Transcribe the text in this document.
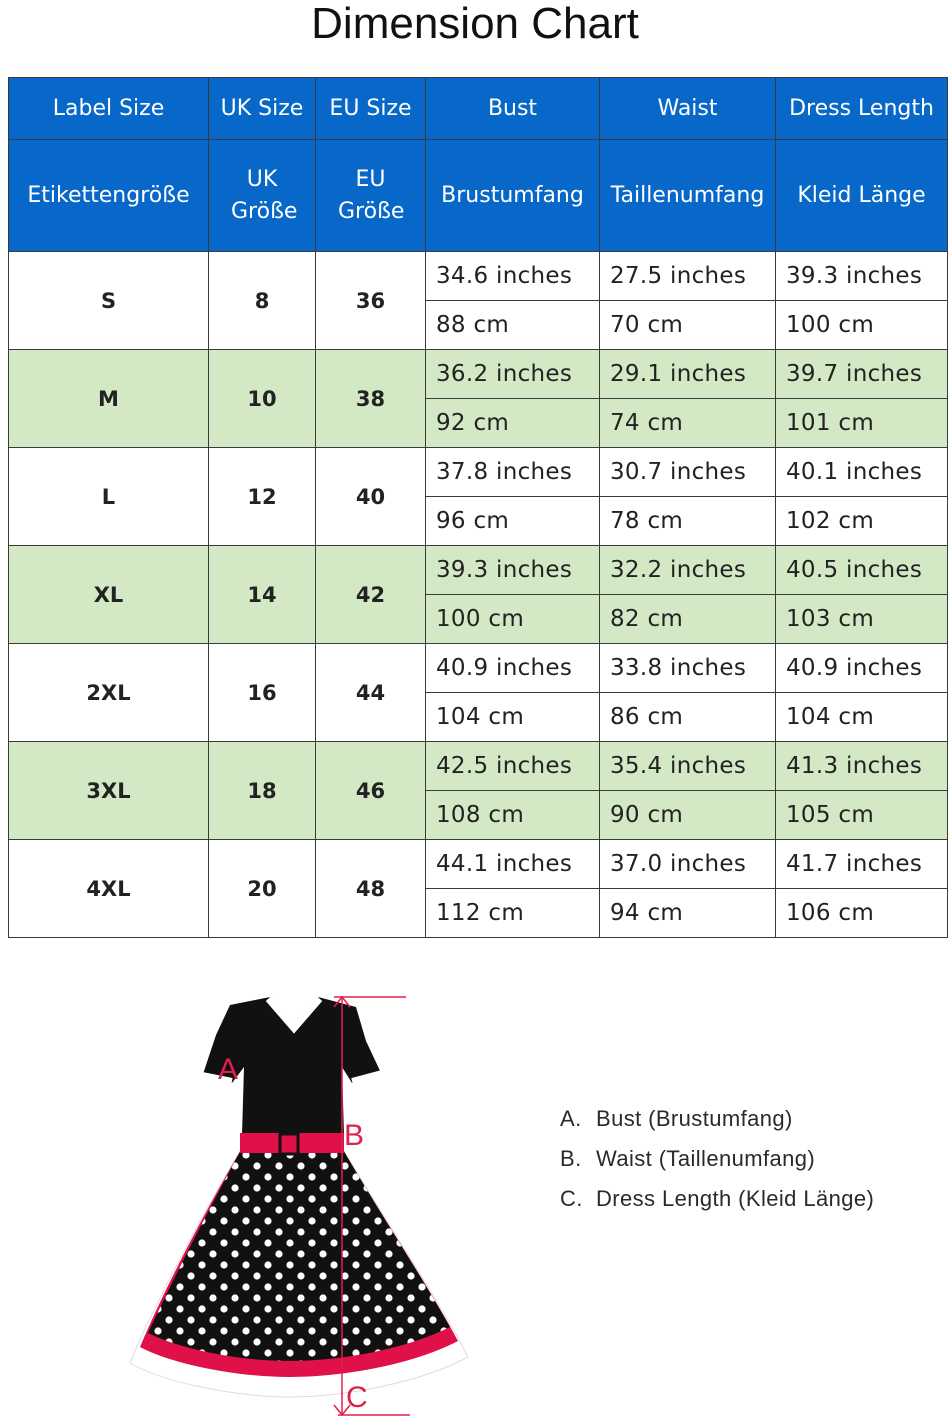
Dimension Chart
Label Size	UK Size	EU Size	Bust	Waist	Dress Length
Etikettengröße	UK Größe	EU Größe	Brustumfang	Taillenumfang	Kleid Länge
S	8	36	34.6 inches	27.5 inches	39.3 inches
			88 cm	70 cm	100 cm
M	10	38	36.2 inches	29.1 inches	39.7 inches
			92 cm	74 cm	101 cm
L	12	40	37.8 inches	30.7 inches	40.1 inches
			96 cm	78 cm	102 cm
XL	14	42	39.3 inches	32.2 inches	40.5 inches
			100 cm	82 cm	103 cm
2XL	16	44	40.9 inches	33.8 inches	40.9 inches
			104 cm	86 cm	104 cm
3XL	18	46	42.5 inches	35.4 inches	41.3 inches
			108 cm	90 cm	105 cm
4XL	20	48	44.1 inches	37.0 inches	41.7 inches
			112 cm	94 cm	106 cm
A
B
C
A. Bust (Brustumfang)
B. Waist (Taillenumfang)
C. Dress Length (Kleid Länge)
